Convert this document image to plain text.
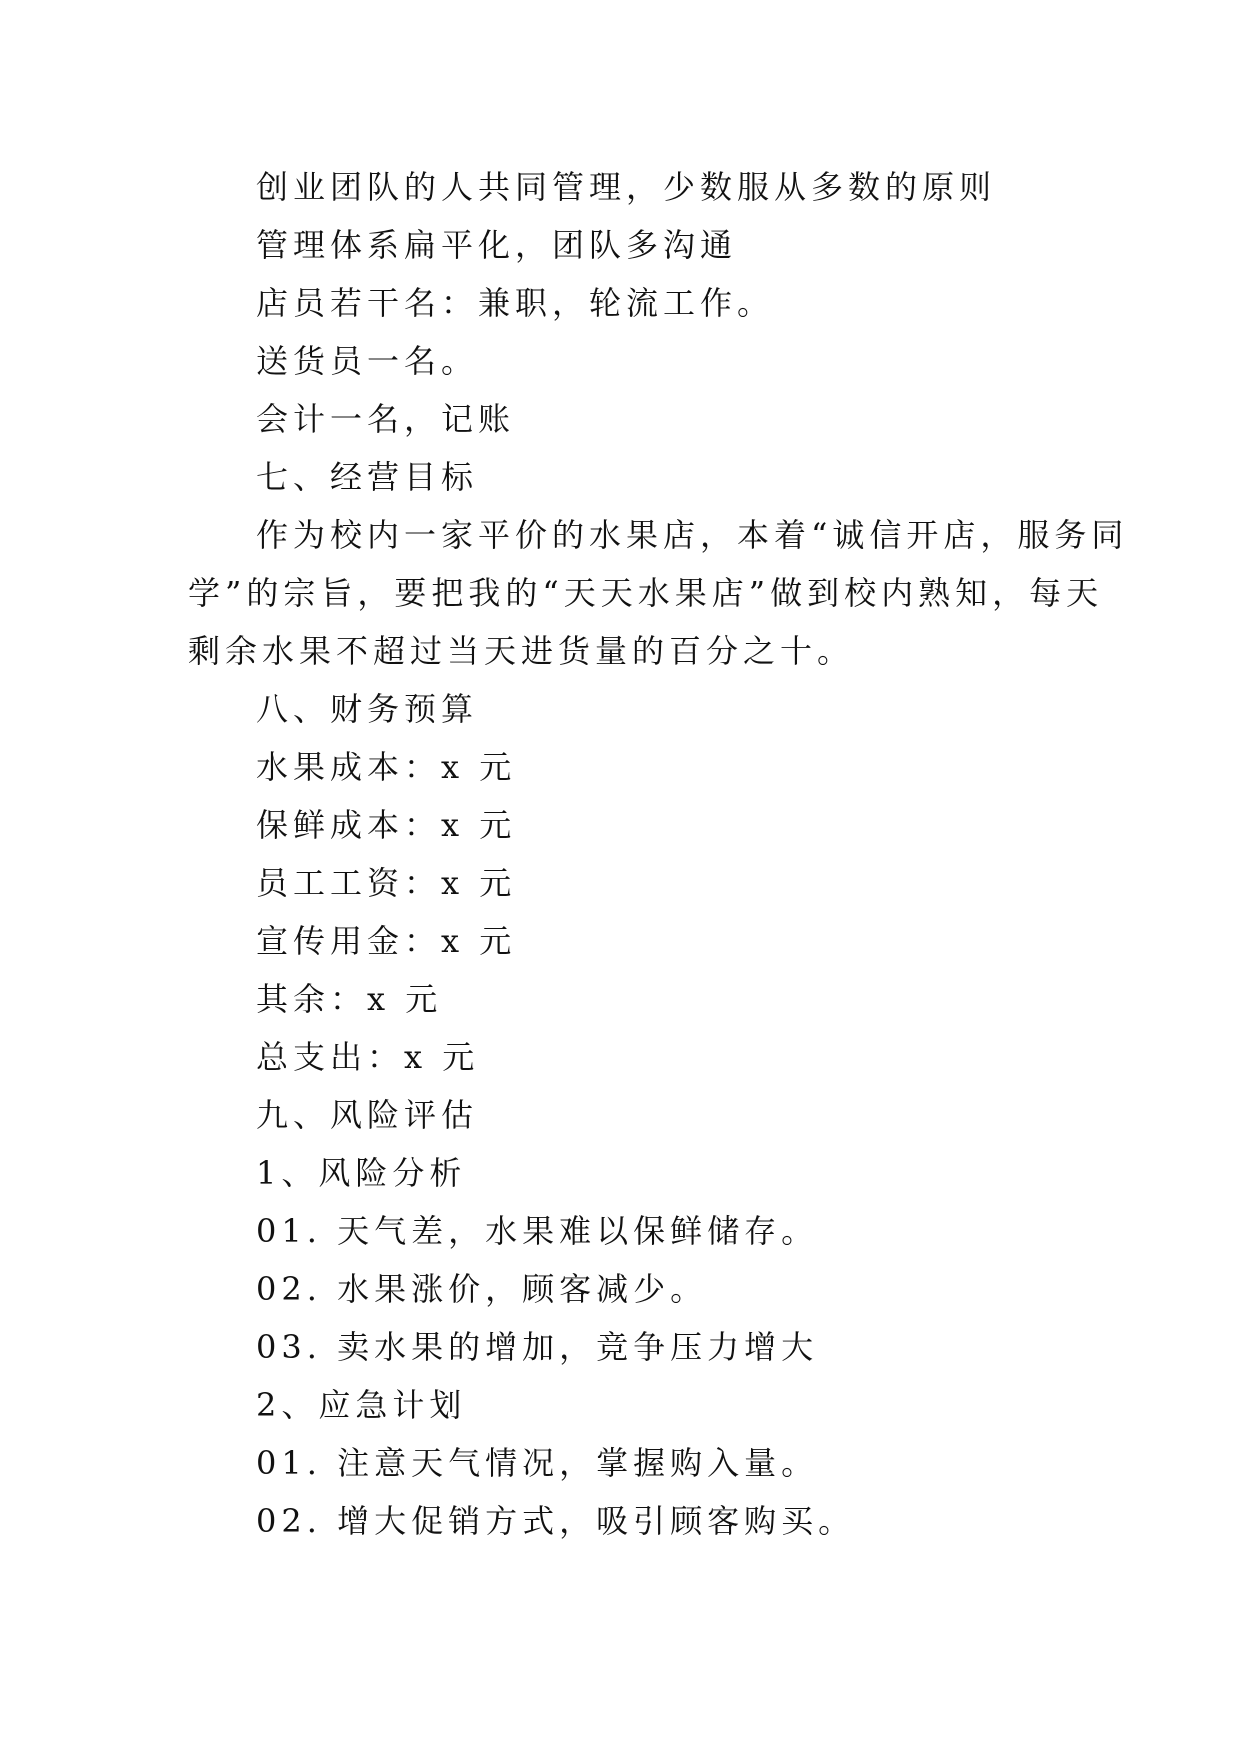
创业团队的人共同管理，少数服从多数的原则
管理体系扁平化，团队多沟通
店员若干名：兼职，轮流工作。
送货员一名。
会计一名，记账
七、经营目标
作为校内一家平价的水果店，本着“诚信开店，服务同
学”的宗旨，要把我的“天天水果店”做到校内熟知，每天
剩余水果不超过当天进货量的百分之十。
八、财务预算
水果成本：x 元
保鲜成本：x 元
员工工资：x 元
宣传用金：x 元
其余：x 元
总支出：x 元
九、风险评估
1、风险分析
01. 天气差，水果难以保鲜储存。
02. 水果涨价，顾客减少。
03. 卖水果的增加，竞争压力增大
2、应急计划
01. 注意天气情况，掌握购入量。
02. 增大促销方式，吸引顾客购买。
